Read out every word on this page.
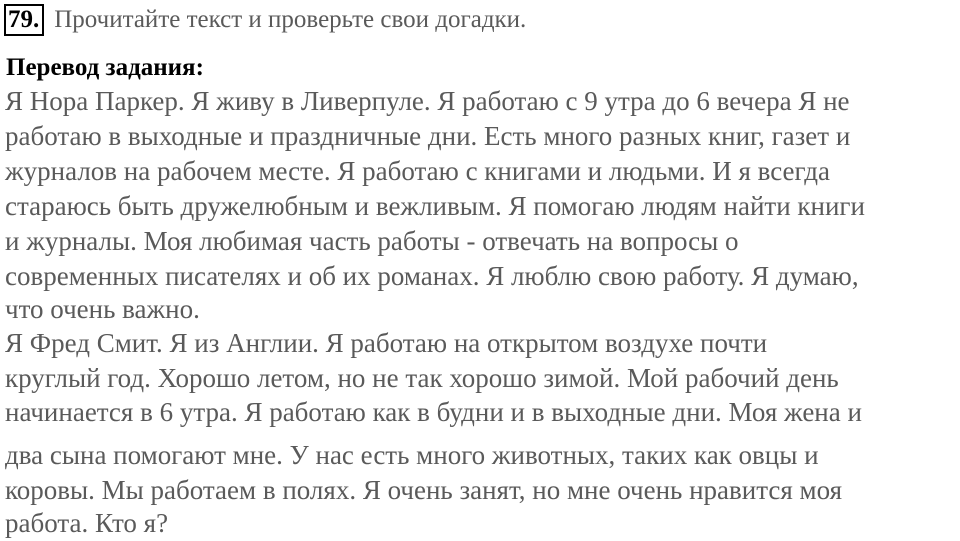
79. Прочитайте текст и проверьте свои догадки.
Перевод задания:
Я Нора Паркер. Я живу в Ливерпуле. Я работаю с 9 утра до 6 вечера Я не
работаю в выходные и праздничные дни. Есть много разных книг, газет и
журналов на рабочем месте. Я работаю с книгами и людьми. И я всегда
стараюсь быть дружелюбным и вежливым. Я помогаю людям найти книги
и журналы. Моя любимая часть работы - отвечать на вопросы о
современных писателях и об их романах. Я люблю свою работу. Я думаю,
что очень важно.
Я Фред Смит. Я из Англии. Я работаю на открытом воздухе почти
круглый год. Хорошо летом, но не так хорошо зимой. Мой рабочий день
начинается в 6 утра. Я работаю как в будни и в выходные дни. Моя жена и
два сына помогают мне. У нас есть много животных, таких как овцы и
коровы. Мы работаем в полях. Я очень занят, но мне очень нравится моя
работа. Кто я?
